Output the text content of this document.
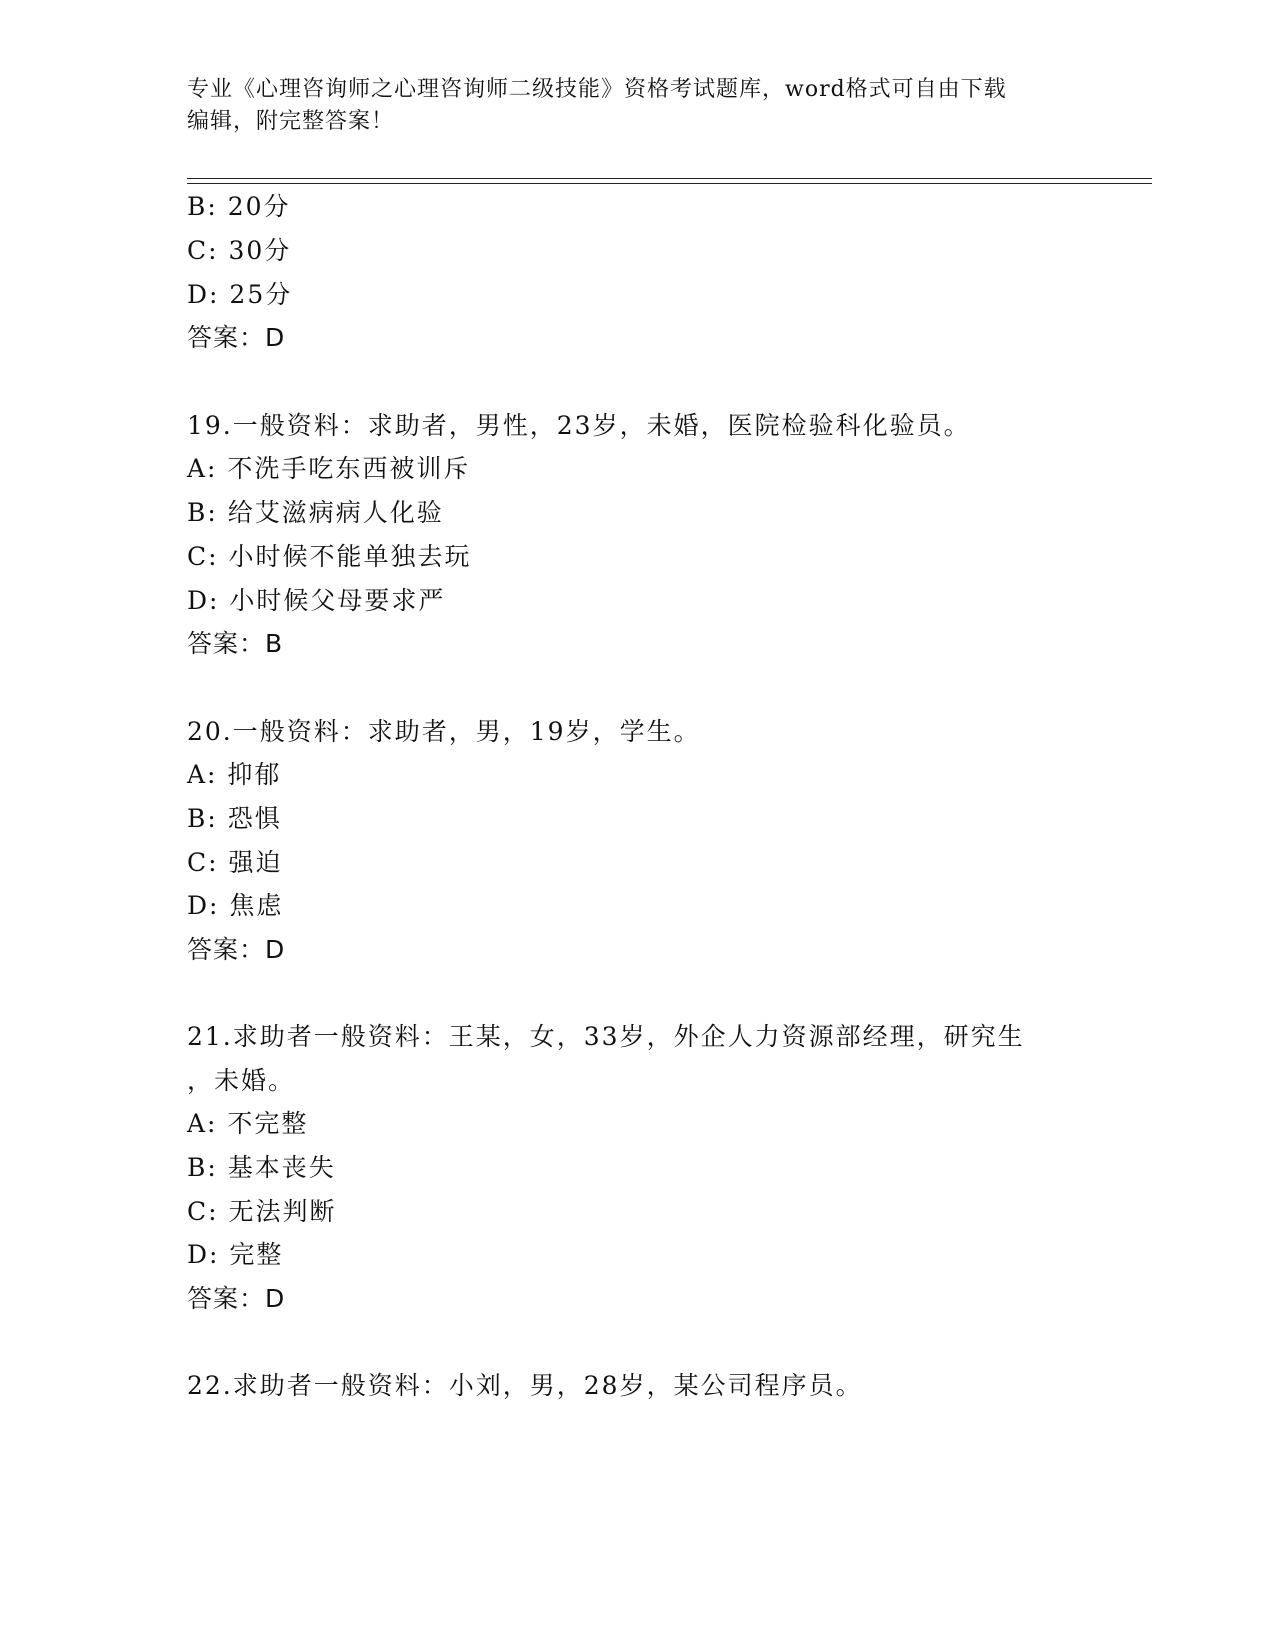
专业《心理咨询师之心理咨询师二级技能》资格考试题库，word格式可自由下载
编辑，附完整答案！
B: 20分
C: 30分
D: 25分
答案：D
19.一般资料：求助者，男性，23岁，未婚，医院检验科化验员。
A: 不洗手吃东西被训斥
B: 给艾滋病病人化验
C: 小时候不能单独去玩
D: 小时候父母要求严
答案：B
20.一般资料：求助者，男，19岁，学生。
A: 抑郁
B: 恐惧
C: 强迫
D: 焦虑
答案：D
21.求助者一般资料：王某，女，33岁，外企人力资源部经理，研究生
，未婚。
A: 不完整
B: 基本丧失
C: 无法判断
D: 完整
答案：D
22.求助者一般资料：小刘，男，28岁，某公司程序员。
